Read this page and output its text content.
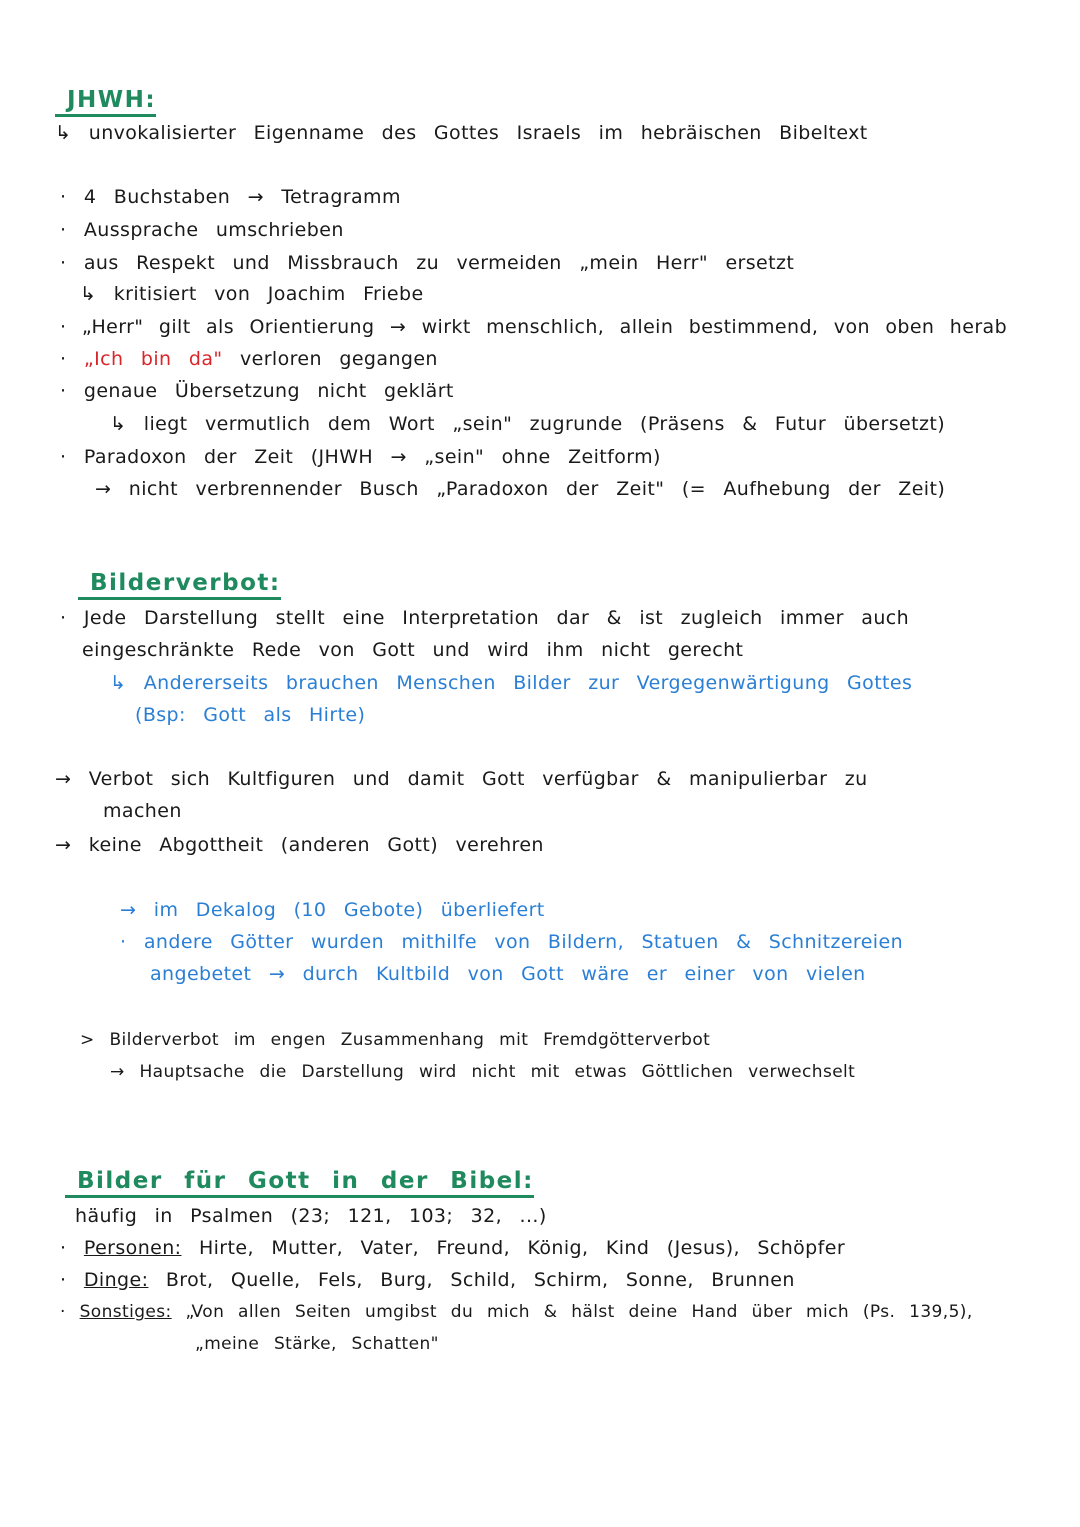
JHWH:
↳ unvokalisierter Eigenname des Gottes Israels im hebräischen Bibeltext
· 4 Buchstaben → Tetragramm
· Aussprache umschrieben
· aus Respekt und Missbrauch zu vermeiden „mein Herr" ersetzt
↳ kritisiert von Joachim Friebe
· „Herr" gilt als Orientierung → wirkt menschlich, allein bestimmend, von oben herab
· „Ich bin da" verloren gegangen
· genaue Übersetzung nicht geklärt
↳ liegt vermutlich dem Wort „sein" zugrunde (Präsens & Futur übersetzt)
· Paradoxon der Zeit (JHWH → „sein" ohne Zeitform)
→ nicht verbrennender Busch „Paradoxon der Zeit" (= Aufhebung der Zeit)
Bilderverbot:
· Jede Darstellung stellt eine Interpretation dar & ist zugleich immer auch
eingeschränkte Rede von Gott und wird ihm nicht gerecht
↳ Andererseits brauchen Menschen Bilder zur Vergegenwärtigung Gottes
(Bsp: Gott als Hirte)
→ Verbot sich Kultfiguren und damit Gott verfügbar & manipulierbar zu
machen
→ keine Abgottheit (anderen Gott) verehren
→ im Dekalog (10 Gebote) überliefert
· andere Götter wurden mithilfe von Bildern, Statuen & Schnitzereien
angebetet → durch Kultbild von Gott wäre er einer von vielen
> Bilderverbot im engen Zusammenhang mit Fremdgötterverbot
→ Hauptsache die Darstellung wird nicht mit etwas Göttlichen verwechselt
Bilder für Gott in der Bibel:
häufig in Psalmen (23; 121, 103; 32, ...)
· Personen: Hirte, Mutter, Vater, Freund, König, Kind (Jesus), Schöpfer
· Dinge: Brot, Quelle, Fels, Burg, Schild, Schirm, Sonne, Brunnen
· Sonstiges: „Von allen Seiten umgibst du mich & hälst deine Hand über mich (Ps. 139,5),
„meine Stärke, Schatten"
